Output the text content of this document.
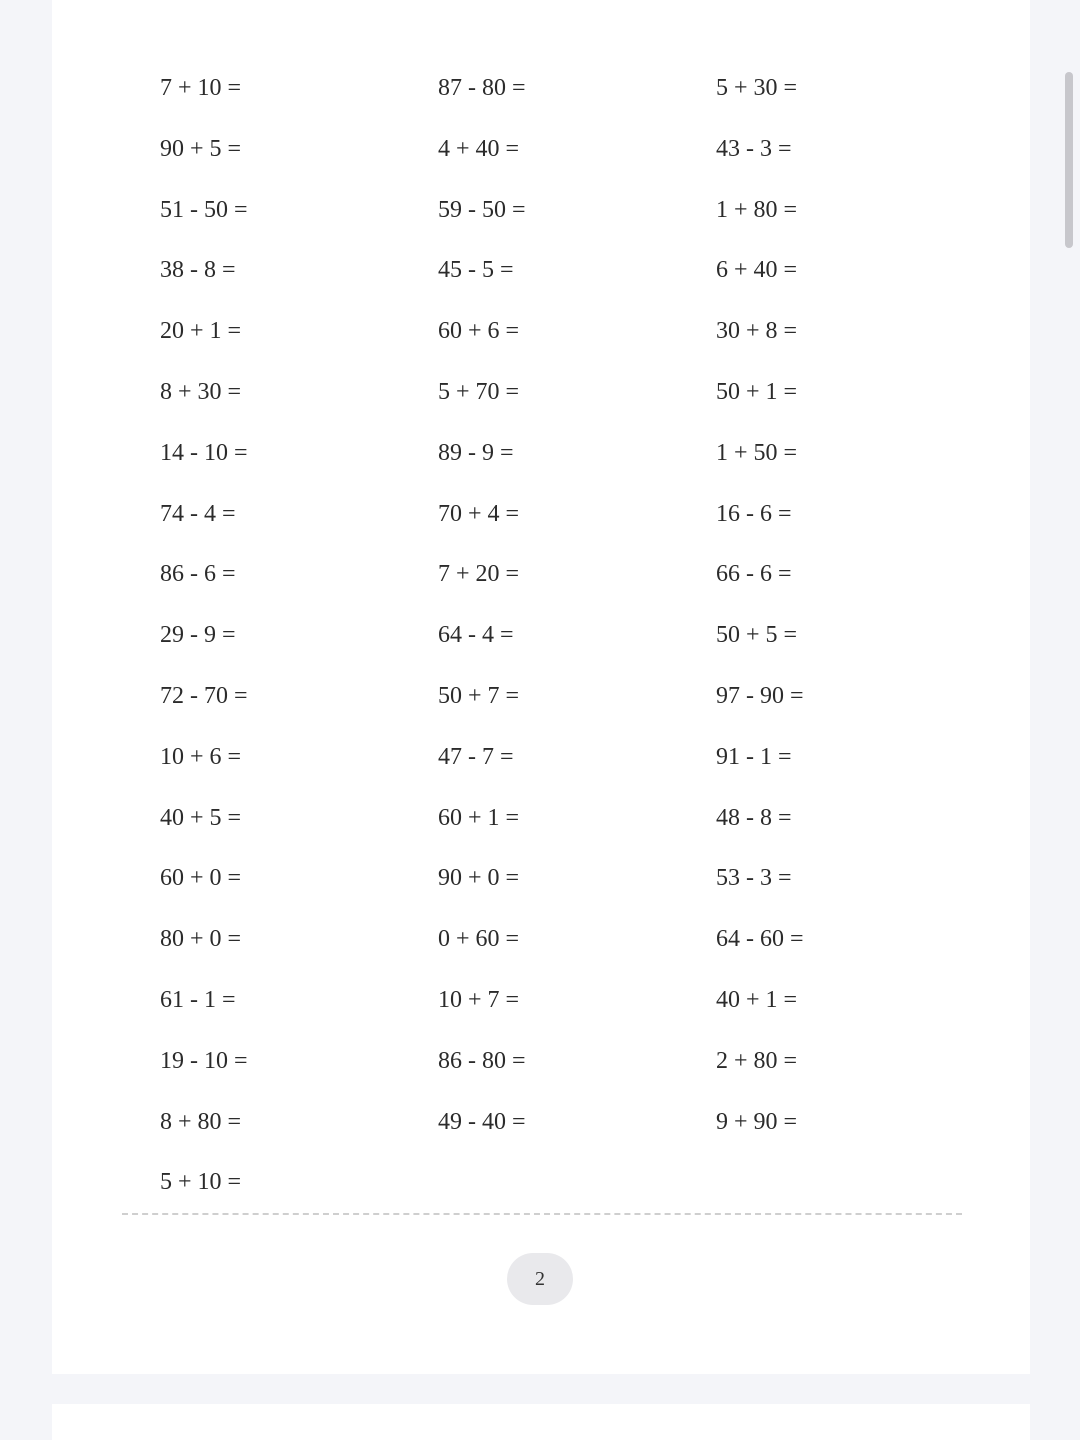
7 + 10 =	87 - 80 =	5 + 30 =
90 + 5 =	4 + 40 =	43 - 3 =
51 - 50 =	59 - 50 =	1 + 80 =
38 - 8 =	45 - 5 =	6 + 40 =
20 + 1 =	60 + 6 =	30 + 8 =
8 + 30 =	5 + 70 =	50 + 1 =
14 - 10 =	89 - 9 =	1 + 50 =
74 - 4 =	70 + 4 =	16 - 6 =
86 - 6 =	7 + 20 =	66 - 6 =
29 - 9 =	64 - 4 =	50 + 5 =
72 - 70 =	50 + 7 =	97 - 90 =
10 + 6 =	47 - 7 =	91 - 1 =
40 + 5 =	60 + 1 =	48 - 8 =
60 + 0 =	90 + 0 =	53 - 3 =
80 + 0 =	0 + 60 =	64 - 60 =
61 - 1 =	10 + 7 =	40 + 1 =
19 - 10 =	86 - 80 =	2 + 80 =
8 + 80 =	49 - 40 =	9 + 90 =
5 + 10 =
2
